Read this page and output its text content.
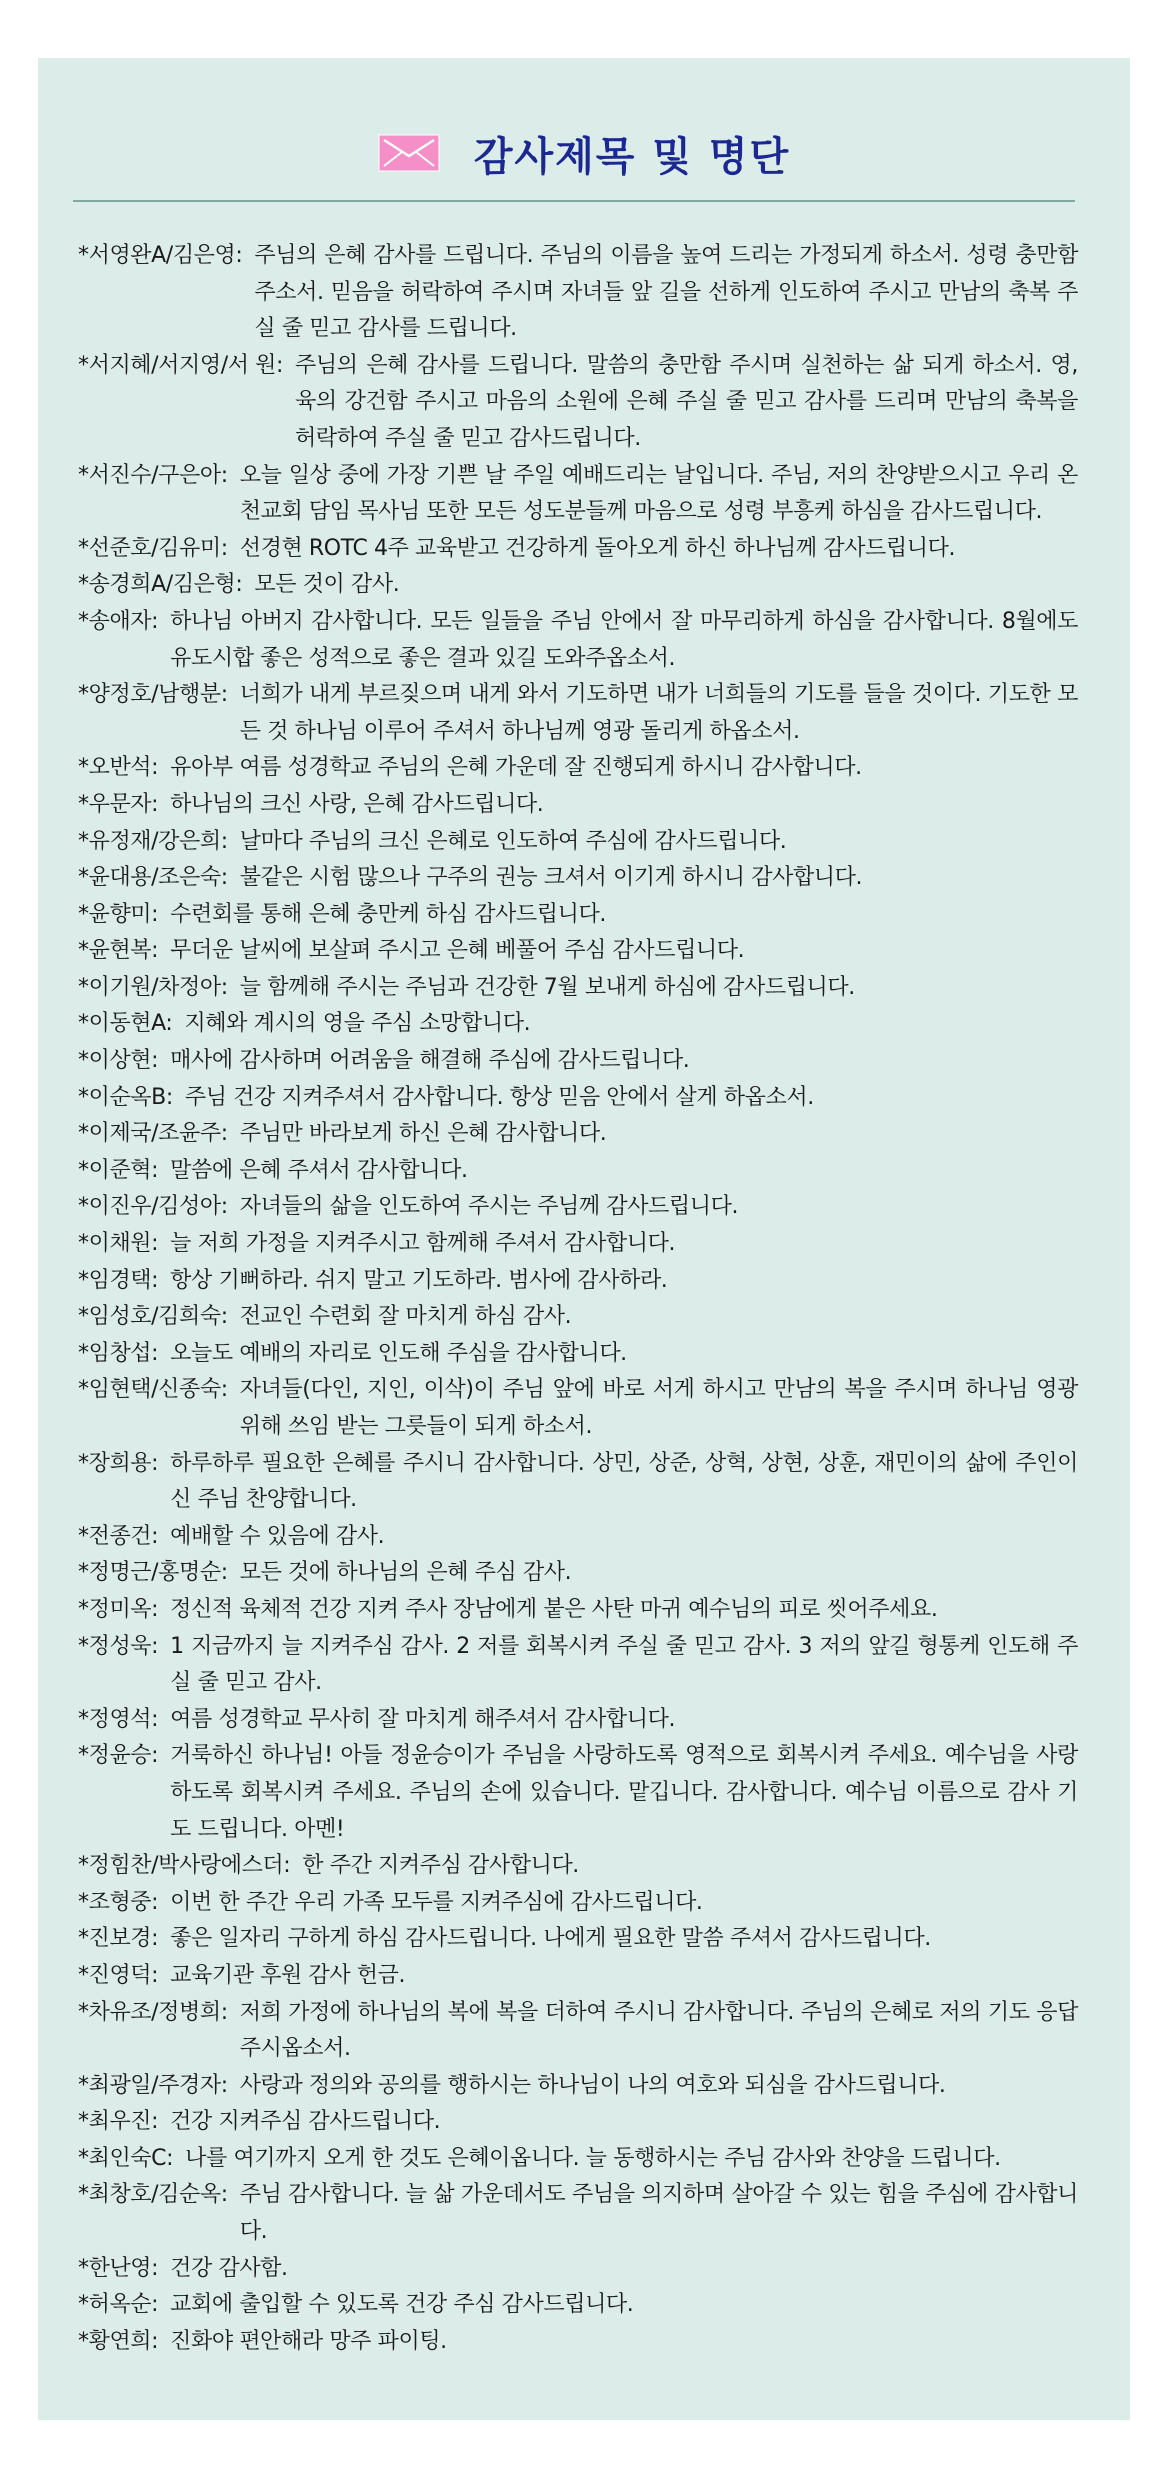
감사제목 및 명단
*서영완A/김은영: 주님의 은혜 감사를 드립니다. 주님의 이름을 높여 드리는 가정되게 하소서. 성령 충만함 주소서. 믿음을 허락하여 주시며 자녀들 앞 길을 선하게 인도하여 주시고 만남의 축복 주실 줄 믿고 감사를 드립니다.
*서지혜/서지영/서 원: 주님의 은혜 감사를 드립니다. 말씀의 충만함 주시며 실천하는 삶 되게 하소서. 영, 육의 강건함 주시고 마음의 소원에 은혜 주실 줄 믿고 감사를 드리며 만남의 축복을 허락하여 주실 줄 믿고 감사드립니다.
*서진수/구은아: 오늘 일상 중에 가장 기쁜 날 주일 예배드리는 날입니다. 주님, 저의 찬양받으시고 우리 온천교회 담임 목사님 또한 모든 성도분들께 마음으로 성령 부흥케 하심을 감사드립니다.
*선준호/김유미: 선경현 ROTC 4주 교육받고 건강하게 돌아오게 하신 하나님께 감사드립니다.
*송경희A/김은형: 모든 것이 감사.
*송애자: 하나님 아버지 감사합니다. 모든 일들을 주님 안에서 잘 마무리하게 하심을 감사합니다. 8월에도 유도시합 좋은 성적으로 좋은 결과 있길 도와주옵소서.
*양정호/남행분: 너희가 내게 부르짖으며 내게 와서 기도하면 내가 너희들의 기도를 들을 것이다. 기도한 모든 것 하나님 이루어 주셔서 하나님께 영광 돌리게 하옵소서.
*오반석: 유아부 여름 성경학교 주님의 은혜 가운데 잘 진행되게 하시니 감사합니다.
*우문자: 하나님의 크신 사랑, 은혜 감사드립니다.
*유정재/강은희: 날마다 주님의 크신 은혜로 인도하여 주심에 감사드립니다.
*윤대용/조은숙: 불같은 시험 많으나 구주의 권능 크셔서 이기게 하시니 감사합니다.
*윤향미: 수련회를 통해 은혜 충만케 하심 감사드립니다.
*윤현복: 무더운 날씨에 보살펴 주시고 은혜 베풀어 주심 감사드립니다.
*이기원/차정아: 늘 함께해 주시는 주님과 건강한 7월 보내게 하심에 감사드립니다.
*이동현A: 지혜와 계시의 영을 주심 소망합니다.
*이상현: 매사에 감사하며 어려움을 해결해 주심에 감사드립니다.
*이순옥B: 주님 건강 지켜주셔서 감사합니다. 항상 믿음 안에서 살게 하옵소서.
*이제국/조윤주: 주님만 바라보게 하신 은혜 감사합니다.
*이준혁: 말씀에 은혜 주셔서 감사합니다.
*이진우/김성아: 자녀들의 삶을 인도하여 주시는 주님께 감사드립니다.
*이채원: 늘 저희 가정을 지켜주시고 함께해 주셔서 감사합니다.
*임경택: 항상 기뻐하라. 쉬지 말고 기도하라. 범사에 감사하라.
*임성호/김희숙: 전교인 수련회 잘 마치게 하심 감사.
*임창섭: 오늘도 예배의 자리로 인도해 주심을 감사합니다.
*임현택/신종숙: 자녀들(다인, 지인, 이삭)이 주님 앞에 바로 서게 하시고 만남의 복을 주시며 하나님 영광 위해 쓰임 받는 그릇들이 되게 하소서.
*장희용: 하루하루 필요한 은혜를 주시니 감사합니다. 상민, 상준, 상혁, 상현, 상훈, 재민이의 삶에 주인이신 주님 찬양합니다.
*전종건: 예배할 수 있음에 감사.
*정명근/홍명순: 모든 것에 하나님의 은혜 주심 감사.
*정미옥: 정신적 육체적 건강 지켜 주사 장남에게 붙은 사탄 마귀 예수님의 피로 씻어주세요.
*정성욱: 1 지금까지 늘 지켜주심 감사. 2 저를 회복시켜 주실 줄 믿고 감사. 3 저의 앞길 형통케 인도해 주실 줄 믿고 감사.
*정영석: 여름 성경학교 무사히 잘 마치게 해주셔서 감사합니다.
*정윤승: 거룩하신 하나님! 아들 정윤승이가 주님을 사랑하도록 영적으로 회복시켜 주세요. 예수님을 사랑하도록 회복시켜 주세요. 주님의 손에 있습니다. 맡깁니다. 감사합니다. 예수님 이름으로 감사 기도 드립니다. 아멘!
*정힘찬/박사랑에스더: 한 주간 지켜주심 감사합니다.
*조형중: 이번 한 주간 우리 가족 모두를 지켜주심에 감사드립니다.
*진보경: 좋은 일자리 구하게 하심 감사드립니다. 나에게 필요한 말씀 주셔서 감사드립니다.
*진영덕: 교육기관 후원 감사 헌금.
*차유조/정병희: 저희 가정에 하나님의 복에 복을 더하여 주시니 감사합니다. 주님의 은혜로 저의 기도 응답 주시옵소서.
*최광일/주경자: 사랑과 정의와 공의를 행하시는 하나님이 나의 여호와 되심을 감사드립니다.
*최우진: 건강 지켜주심 감사드립니다.
*최인숙C: 나를 여기까지 오게 한 것도 은혜이옵니다. 늘 동행하시는 주님 감사와 찬양을 드립니다.
*최창호/김순옥: 주님 감사합니다. 늘 삶 가운데서도 주님을 의지하며 살아갈 수 있는 힘을 주심에 감사합니다.
*한난영: 건강 감사함.
*허옥순: 교회에 출입할 수 있도록 건강 주심 감사드립니다.
*황연희: 진화야 편안해라 망주 파이팅.
